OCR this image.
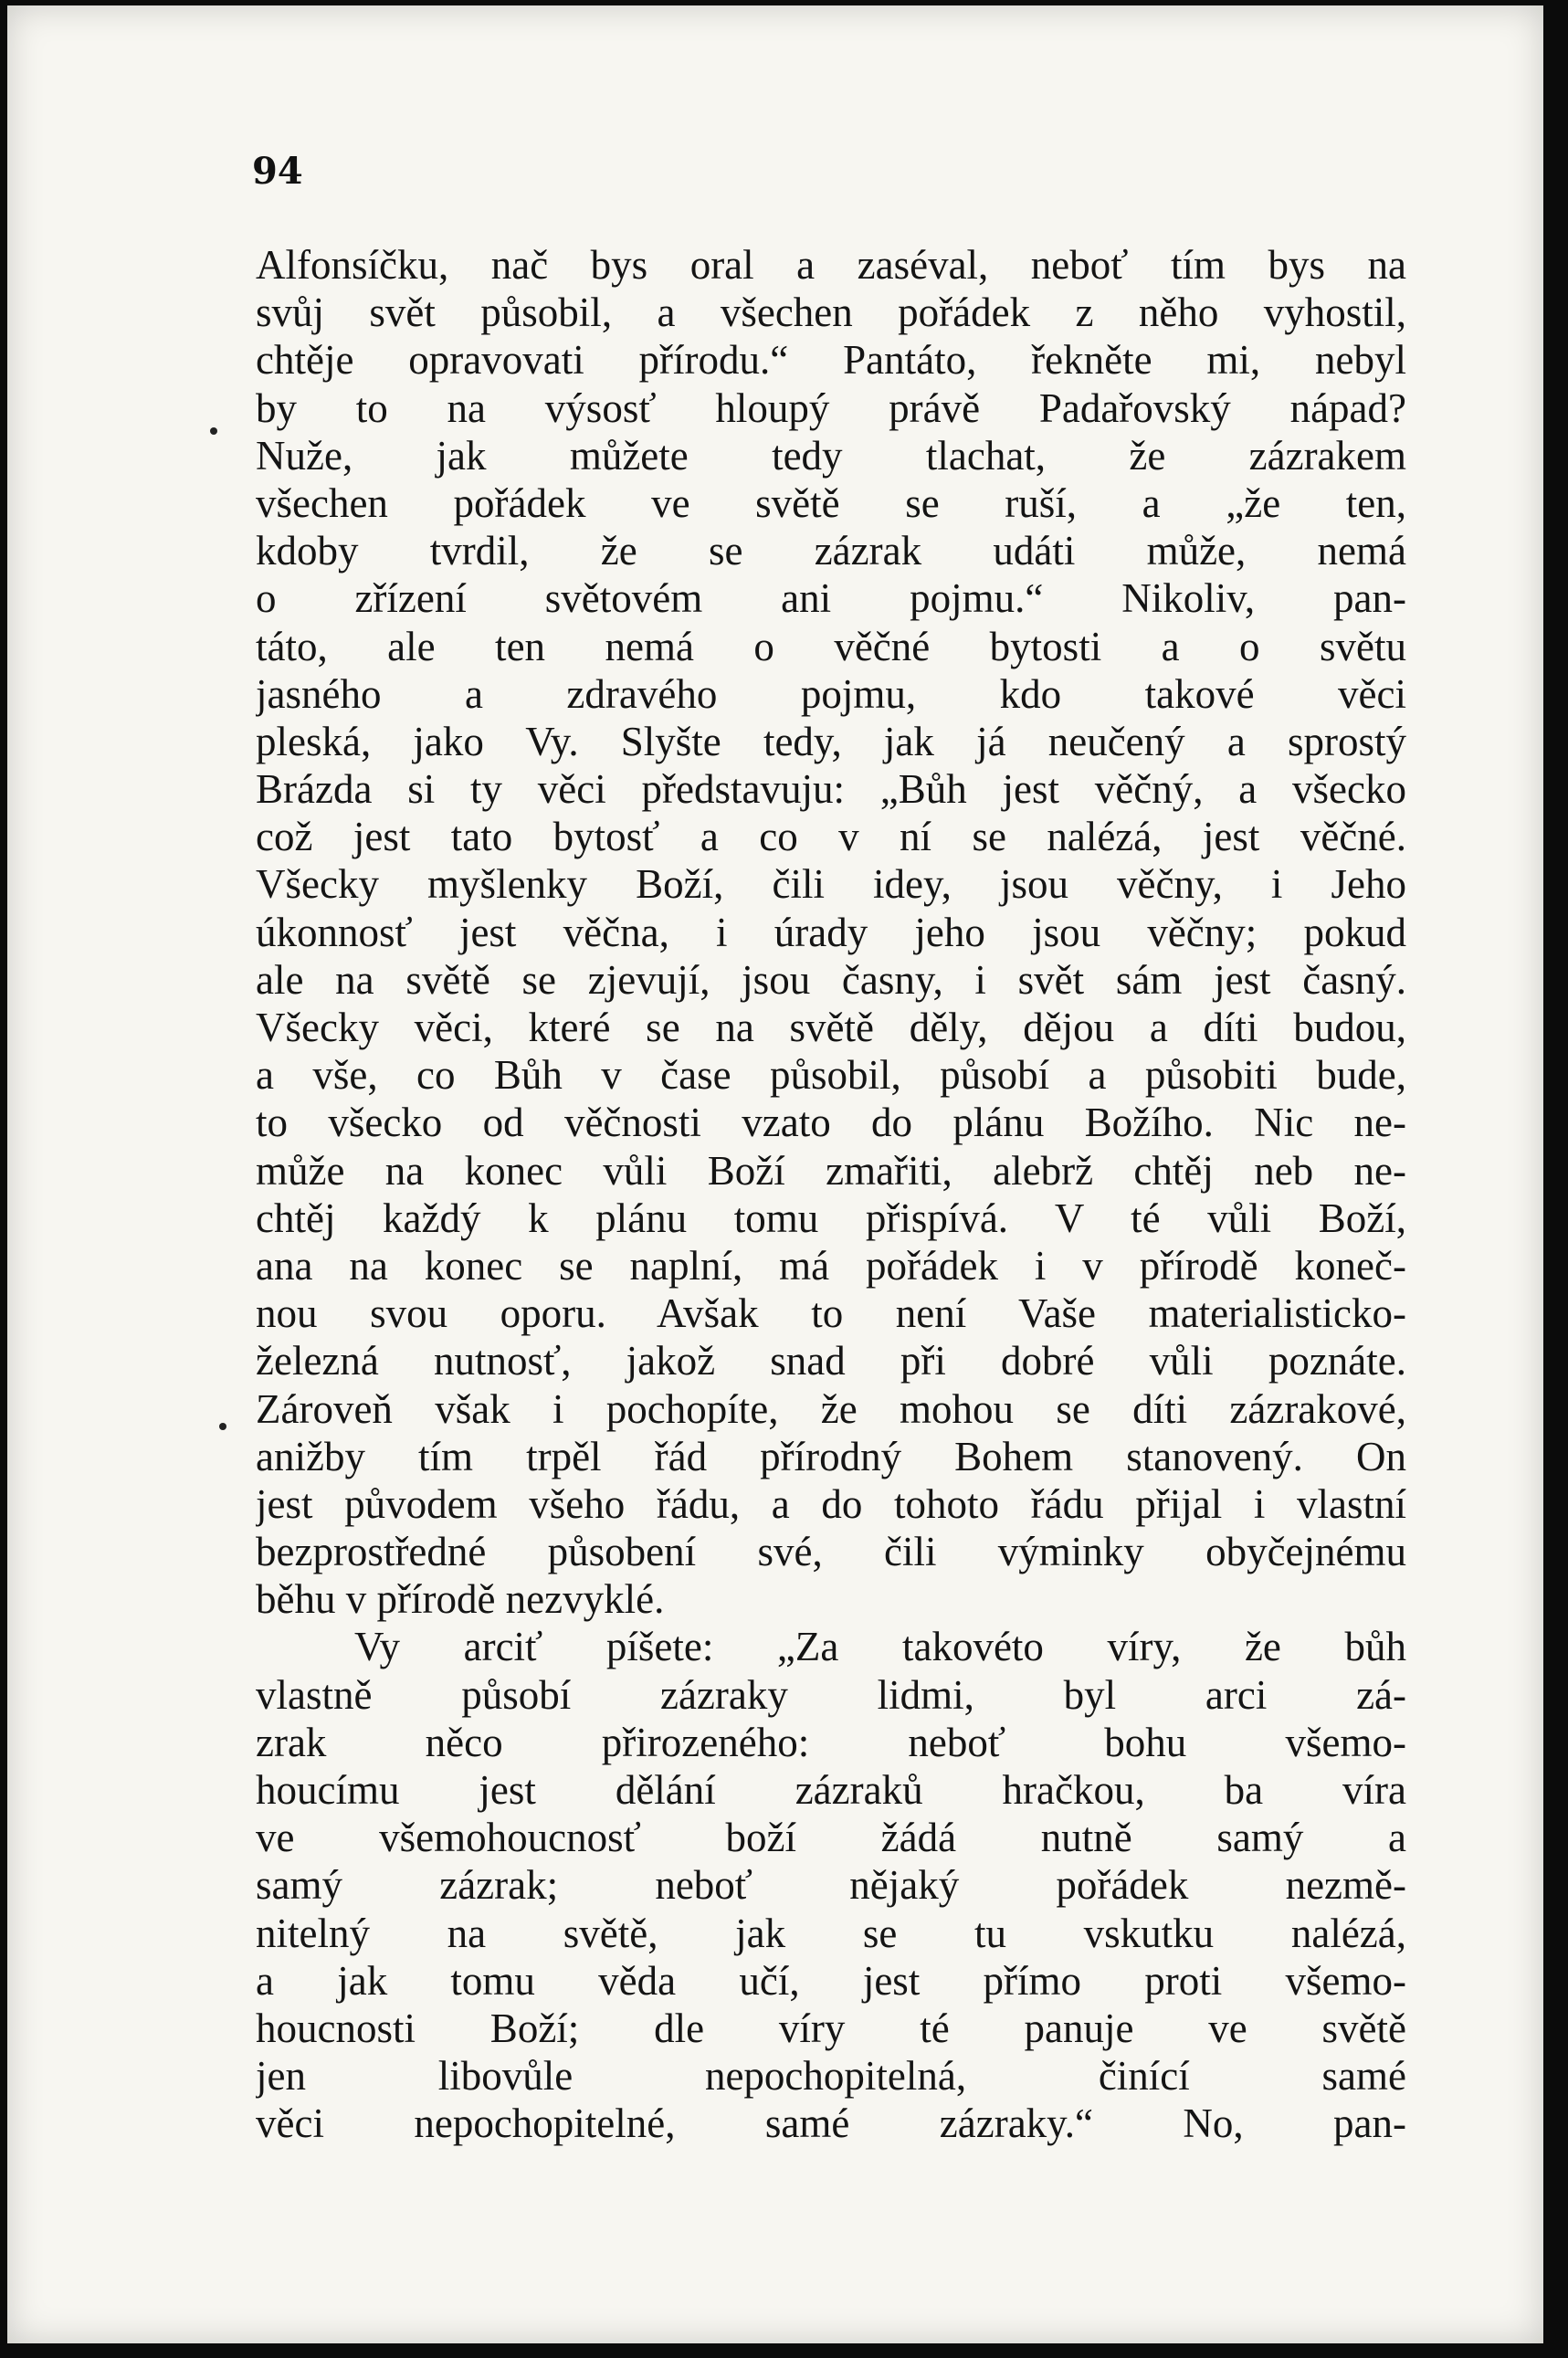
94
Alfonsíčku, nač bys oral a zaséval, neboť tím bys na
svůj svět působil, a všechen pořádek z něho vyhostil,
chtěje opravovati přírodu.“ Pantáto, řekněte mi, nebyl
by to na výsosť hloupý právě Padařovský nápad?
Nuže, jak můžete tedy tlachat, že zázrakem
všechen pořádek ve světě se ruší, a „že ten,
kdoby tvrdil, že se zázrak udáti může, nemá
o zřízení světovém ani pojmu.“ Nikoliv, pan-
táto, ale ten nemá o věčné bytosti a o světu
jasného a zdravého pojmu, kdo takové věci
pleská, jako Vy. Slyšte tedy, jak já neučený a sprostý
Brázda si ty věci představuju: „Bůh jest věčný, a všecko
což jest tato bytosť a co v ní se nalézá, jest věčné.
Všecky myšlenky Boží, čili idey, jsou věčny, i Jeho
úkonnosť jest věčna, i úrady jeho jsou věčny; pokud
ale na světě se zjevují, jsou časny, i svět sám jest časný.
Všecky věci, které se na světě děly, dějou a díti budou,
a vše, co Bůh v čase působil, působí a působiti bude,
to všecko od věčnosti vzato do plánu Božího. Nic ne-
může na konec vůli Boží zmařiti, alebrž chtěj neb ne-
chtěj každý k plánu tomu přispívá. V té vůli Boží,
ana na konec se naplní, má pořádek i v přírodě koneč-
nou svou oporu. Avšak to není Vaše materialisticko-
železná nutnosť, jakož snad při dobré vůli poznáte.
Zároveň však i pochopíte, že mohou se díti zázrakové,
anižby tím trpěl řád přírodný Bohem stanovený. On
jest původem všeho řádu, a do tohoto řádu přijal i vlastní
bezprostředné působení své, čili výminky obyčejnému
běhu v přírodě nezvyklé.
Vy arciť píšete: „Za takovéto víry, že bůh
vlastně působí zázraky lidmi, byl arci zá-
zrak něco přirozeného: neboť bohu všemo-
houcímu jest dělání zázraků hračkou, ba víra
ve všemohoucnosť boží žádá nutně samý a
samý zázrak; neboť nějaký pořádek nezmě-
nitelný na světě, jak se tu vskutku nalézá,
a jak tomu věda učí, jest přímo proti všemo-
houcnosti Boží; dle víry té panuje ve světě
jen libovůle nepochopitelná, činící samé
věci nepochopitelné, samé zázraky.“ No, pan-
